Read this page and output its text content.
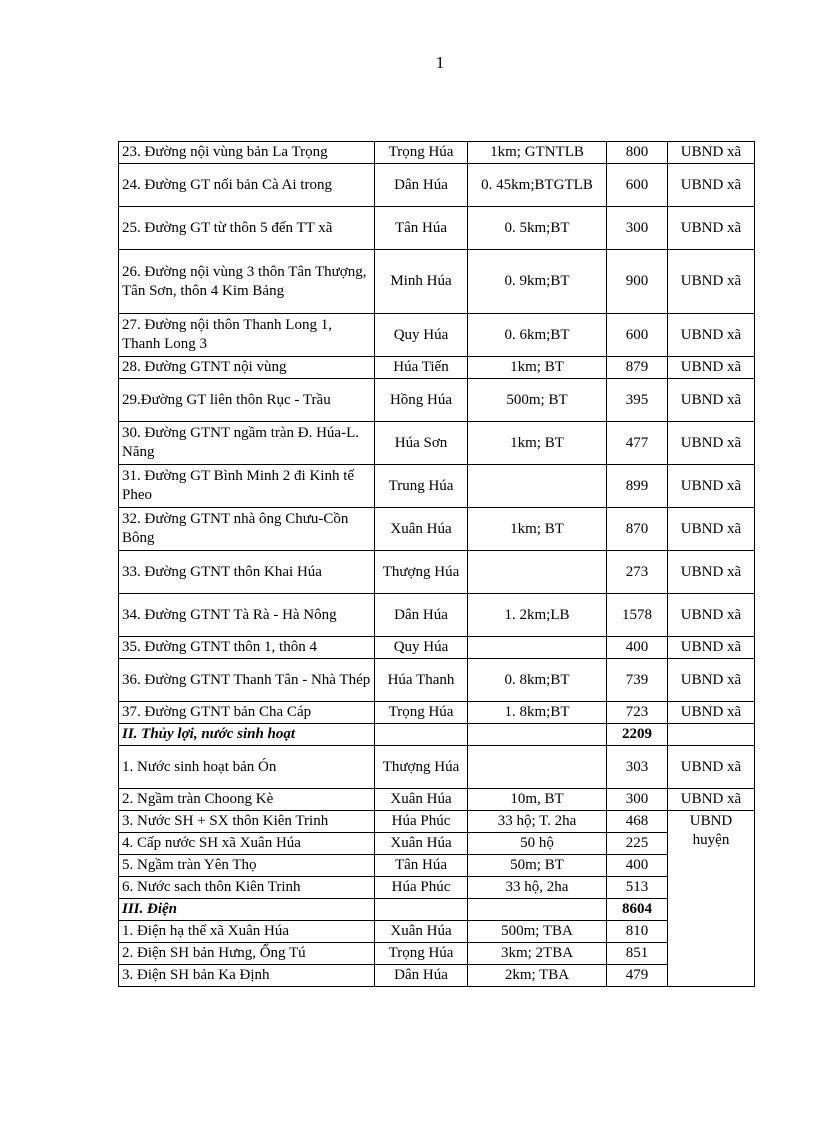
1
23. Đường nội vùng bản La Trọng	Trọng Húa	1km; GTNTLB	800	UBND xã
24. Đường GT nối bản Cà Ai trong	Dân Húa	0. 45km;BTGTLB	600	UBND xã
25. Đường GT từ thôn 5 đến TT xã	Tân Húa	0. 5km;BT	300	UBND xã
26. Đường nội vùng 3 thôn Tân Thượng, Tân Sơn, thôn 4 Kim Bảng	Minh Húa	0. 9km;BT	900	UBND xã
27. Đường nội thôn Thanh Long 1, Thanh Long 3	Quy Húa	0. 6km;BT	600	UBND xã
28. Đường GTNT nội vùng	Húa Tiến	1km; BT	879	UBND xã
29.Đường GT liên thôn Rục - Trầu	Hồng Húa	500m; BT	395	UBND xã
30. Đường GTNT ngầm tràn Đ. Húa-L. Năng	Húa Sơn	1km; BT	477	UBND xã
31. Đường GT Bình Minh 2 đi Kinh tế Pheo	Trung Húa		899	UBND xã
32. Đường GTNT nhà ông Chưu-Cồn Bông	Xuân Húa	1km; BT	870	UBND xã
33. Đường GTNT thôn Khai Húa	Thượng Húa		273	UBND xã
34. Đường GTNT Tà Rà - Hà Nông	Dân Húa	1. 2km;LB	1578	UBND xã
35. Đường GTNT thôn 1, thôn 4	Quy Húa		400	UBND xã
36. Đường GTNT Thanh Tân - Nhà Thép	Húa Thanh	0. 8km;BT	739	UBND xã
37. Đường GTNT bản Cha Cáp	Trọng Húa	1. 8km;BT	723	UBND xã
II. Thủy lợi, nước sinh hoạt			2209	
1. Nước sinh hoạt bản Ón	Thượng Húa		303	UBND xã
2. Ngầm tràn Choong Kè	Xuân Húa	10m, BT	300	UBND xã
3. Nước SH + SX thôn Kiên Trinh	Húa Phúc	33 hộ; T. 2ha	468	UBND huyện
4. Cấp nước SH xã Xuân Húa	Xuân Húa	50 hộ	225	
5. Ngầm tràn Yên Thọ	Tân Húa	50m; BT	400	
6. Nước sach thôn Kiên Trinh	Húa Phúc	33 hộ, 2ha	513	
III. Điện			8604	
1. Điện hạ thế xã Xuân Húa	Xuân Húa	500m; TBA	810	
2. Điện SH bản Hưng, Ổng Tú	Trọng Húa	3km; 2TBA	851	
3. Điện SH bản Ka Định	Dân Húa	2km; TBA	479	
